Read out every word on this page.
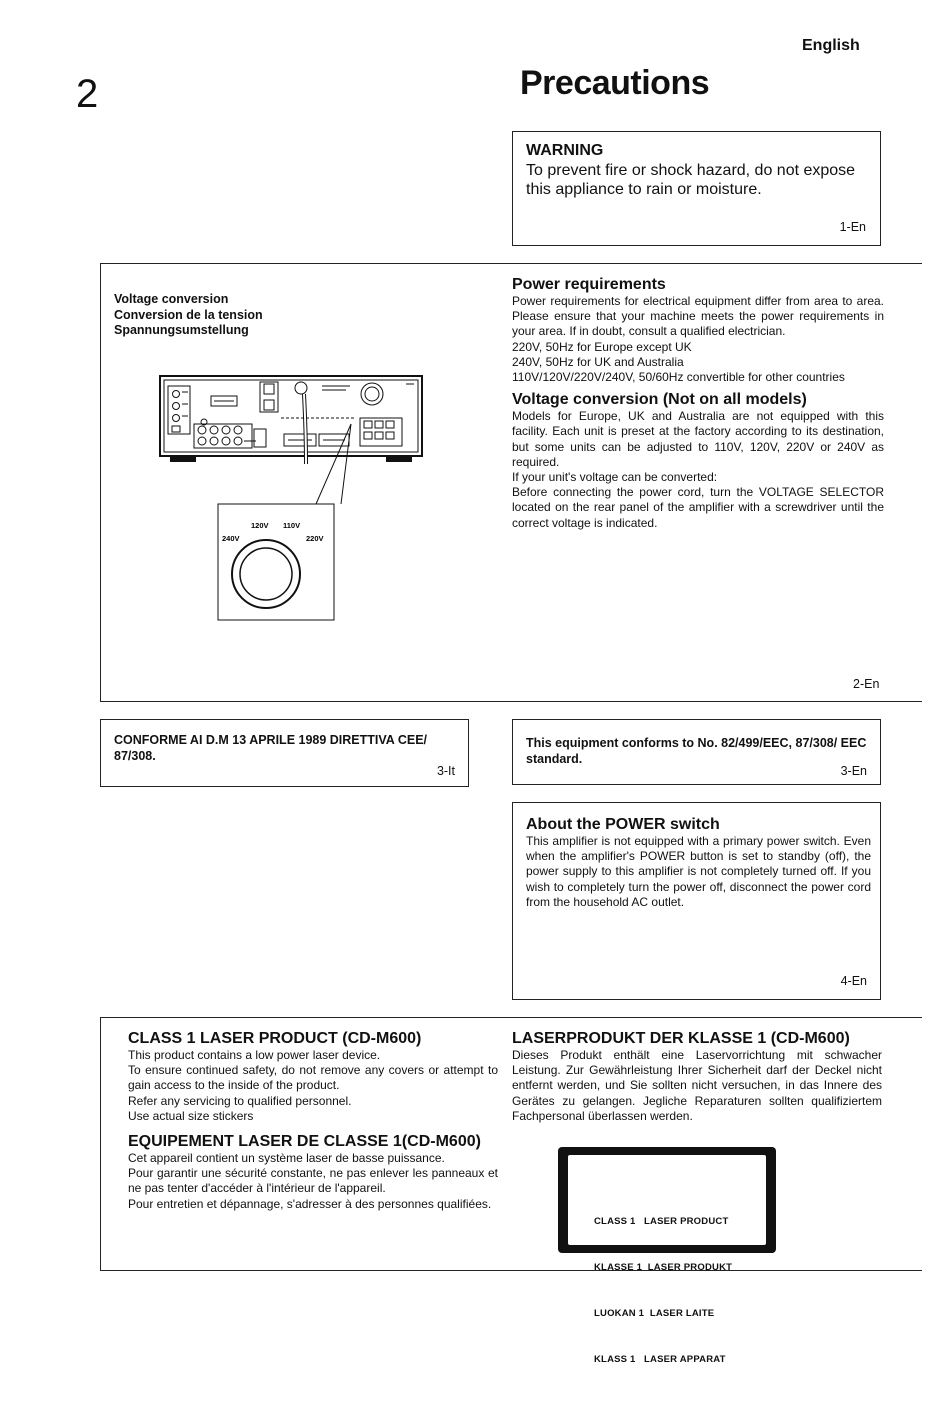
2
English
Precautions
WARNING
To prevent fire or shock hazard, do not expose this appliance to rain or moisture.
1-En
Voltage conversion
Conversion de la tension
Spannungsumstellung
120V 110V
240V	220V
Power requirements

Power requirements for electrical equipment differ from area to area. Please ensure that your machine meets the power requirements in your area. If in doubt, consult a qualified electrician.

220V, 50Hz for Europe except UK

240V, 50Hz for UK and Australia

110V/120V/220V/240V, 50/60Hz convertible for other countries

Voltage conversion (Not on all models)

Models for Europe, UK and Australia are not equipped with this facility. Each unit is preset at the factory according to its destination, but some units can be adjusted to 110V, 120V, 220V or 240V as required.

If your unit's voltage can be converted:

Before connecting the power cord, turn the VOLTAGE SELECTOR located on the rear panel of the amplifier with a screwdriver until the correct voltage is indicated.

2-En
CONFORME AI D.M 13 APRILE 1989 DIRETTIVA CEE/ 87/308.
3-It
This equipment conforms to No. 82/499/EEC, 87/308/ EEC standard.
3-En
About the POWER switch

This amplifier is not equipped with a primary power switch. Even when the amplifier's POWER button is set to standby (off), the power supply to this amplifier is not completely turned off. If you wish to completely turn the power off, disconnect the power cord from the household AC outlet.

4-En
CLASS 1 LASER PRODUCT (CD-M600)

This product contains a low power laser device.

To ensure continued safety, do not remove any covers or attempt to gain access to the inside of the product.

Refer any servicing to qualified personnel.

Use actual size stickers

EQUIPEMENT LASER DE CLASSE 1(CD-M600)

Cet appareil contient un système laser de basse puissance.

Pour garantir une sécurité constante, ne pas enlever les panneaux et ne pas tenter d'accéder à l'intérieur de l'appareil.

Pour entretien et dépannage, s'adresser à des personnes qualifiées.

LASERPRODUKT DER KLASSE 1 (CD-M600)

Dieses Produkt enthält eine Laservorrichtung mit schwacher Leistung. Zur Gewährleistung Ihrer Sicherheit darf der Deckel nicht entfernt werden, und Sie sollten nicht versuchen, in das Innere des Gerätes zu gelangen. Jegliche Reparaturen sollten qualifiziertem Fachpersonal überlassen werden.

CLASS 1   LASER PRODUCT

KLASSE 1  LASER PRODUKT

LUOKAN 1  LASER LAITE

KLASS 1   LASER APPARAT
